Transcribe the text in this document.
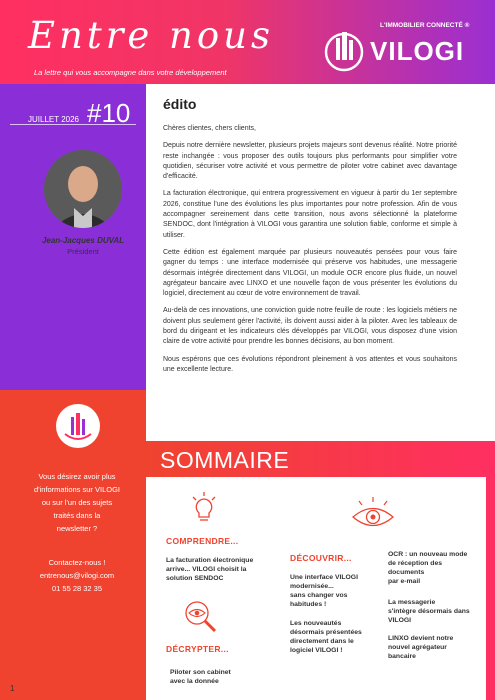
Entre nous
La lettre qui vous accompagne dans votre développement
L'IMMOBILIER CONNECTÉ ®
VILOGI
JUILLET 2026 #10
Jean-Jacques DUVAL
Président
Vous désirez avoir plus
d'informations sur VILOGI
ou sur l'un des sujets
traités dans la
newsletter ?
Contactez-nous !
entrenous@vilogi.com
01 55 28 32 35
édito

Chères clientes, chers clients,

Depuis notre dernière newsletter, plusieurs projets majeurs sont devenus réalité. Notre priorité reste inchangée : vous proposer des outils toujours plus performants pour simplifier votre quotidien, sécuriser votre activité et vous permettre de piloter votre cabinet avec davantage d'efficacité.

La facturation électronique, qui entrera progressivement en vigueur à partir du 1er septembre 2026, constitue l'une des évolutions les plus importantes pour notre profession. Afin de vous accompagner sereinement dans cette transition, nous avons sélectionné la plateforme SENDOC, dont l'intégration à VILOGI vous garantira une solution fiable, conforme et simple à utiliser.

Cette édition est également marquée par plusieurs nouveautés pensées pour vous faire gagner du temps : une interface modernisée qui préserve vos habitudes, une messagerie désormais intégrée directement dans VILOGI, un module OCR encore plus fluide, un nouvel agrégateur bancaire avec LINXO et une nouvelle façon de vous présenter les évolutions du logiciel, directement au cœur de votre environnement de travail.

Au-delà de ces innovations, une conviction guide notre feuille de route : les logiciels métiers ne doivent plus seulement gérer l'activité, ils doivent aussi aider à la piloter. Avec les tableaux de bord du dirigeant et les indicateurs clés développés par VILOGI, vous disposez d'une vision claire de votre activité pour prendre les bonnes décisions, au bon moment.

Nous espérons que ces évolutions répondront pleinement à vos attentes et vous souhaitons une excellente lecture.

SOMMAIRE
COMPRENDRE...
La facturation électronique
arrive... VILOGI choisit la
solution SENDOC
DÉCRYPTER...
Piloter son cabinet
avec la donnée
DÉCOUVRIR...
Une interface VILOGI
modernisée...
sans changer vos
habitudes !
Les nouveautés
désormais présentées
directement dans le
logiciel VILOGI !
OCR : un nouveau mode
de réception des
documents
par e-mail
La messagerie
s'intègre désormais dans
VILOGI
LINXO devient notre
nouvel agrégateur
bancaire
1
